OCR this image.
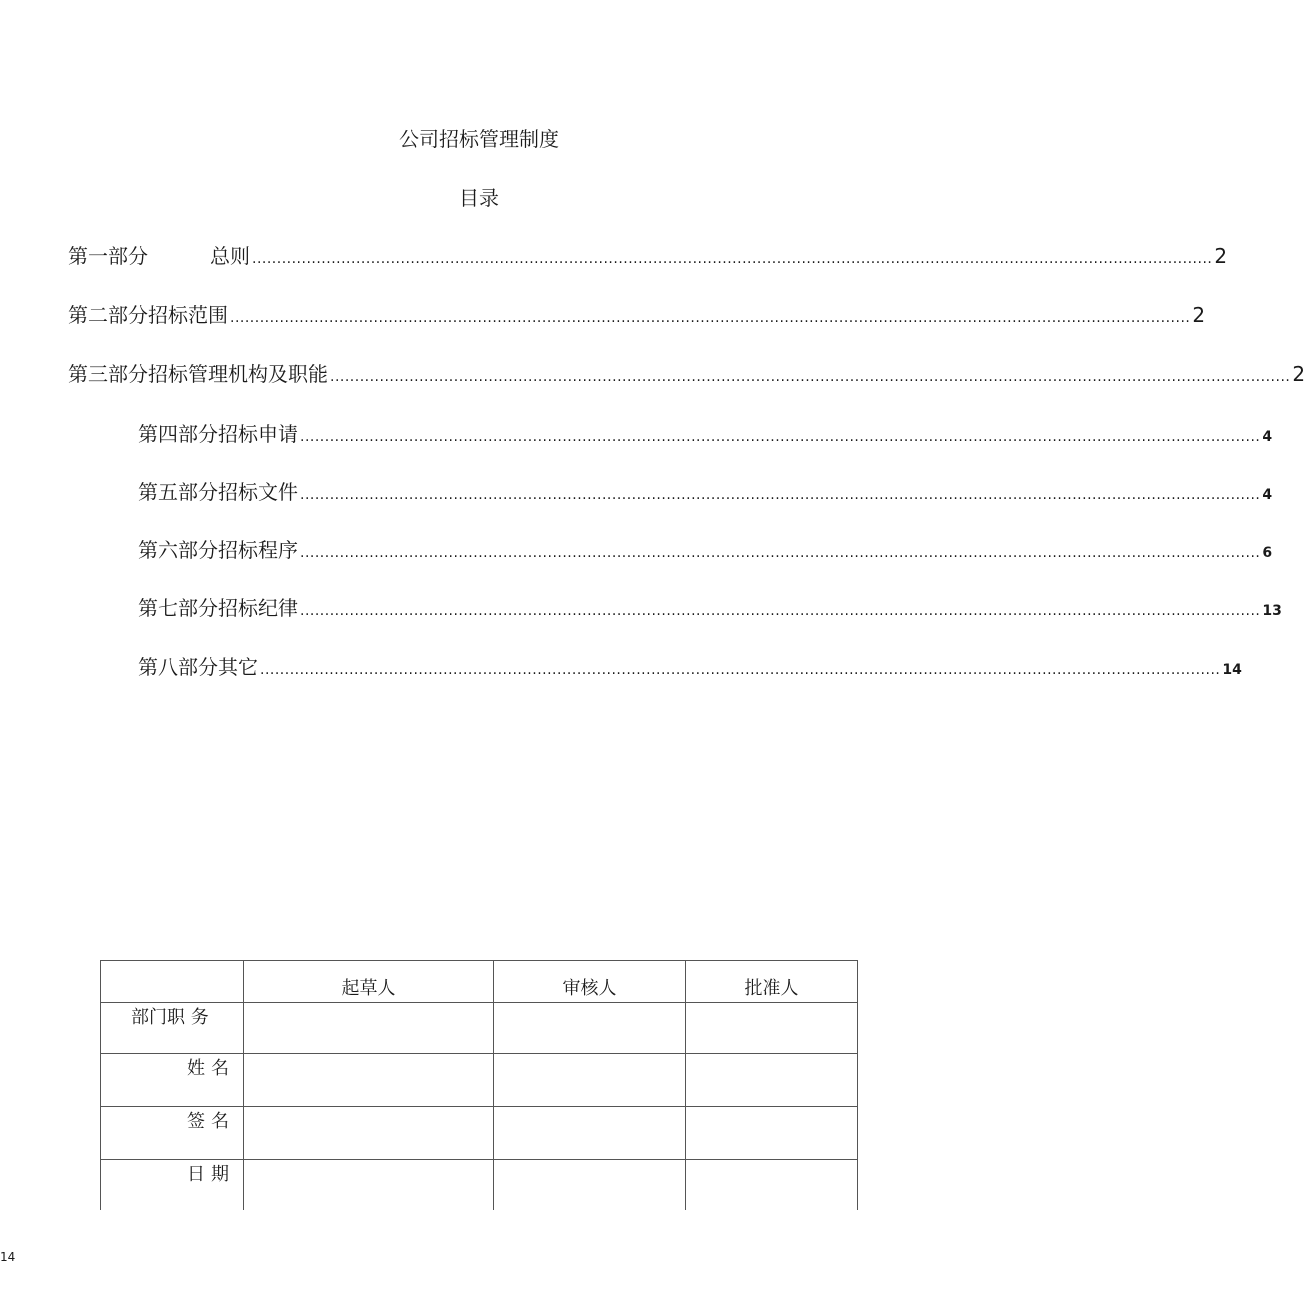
公司招标管理制度
目录
第一部分	总则 .................................................................................................................................................................................................. 2
第二部分招标范围 .................................................................................................................................................................................................. 2
第三部分招标管理机构及职能 .................................................................................................................................................................................................. 2
第四部分招标申请 .................................................................................................................................................................................................. 4
第五部分招标文件 .................................................................................................................................................................................................. 4
第六部分招标程序 .................................................................................................................................................................................................. 6
第七部分招标纪律 .................................................................................................................................................................................................. 13
第八部分其它 .................................................................................................................................................................................................. 14
	起草人	审核人	批准人
部门职 务			
姓名			
签名			
日期			
14
